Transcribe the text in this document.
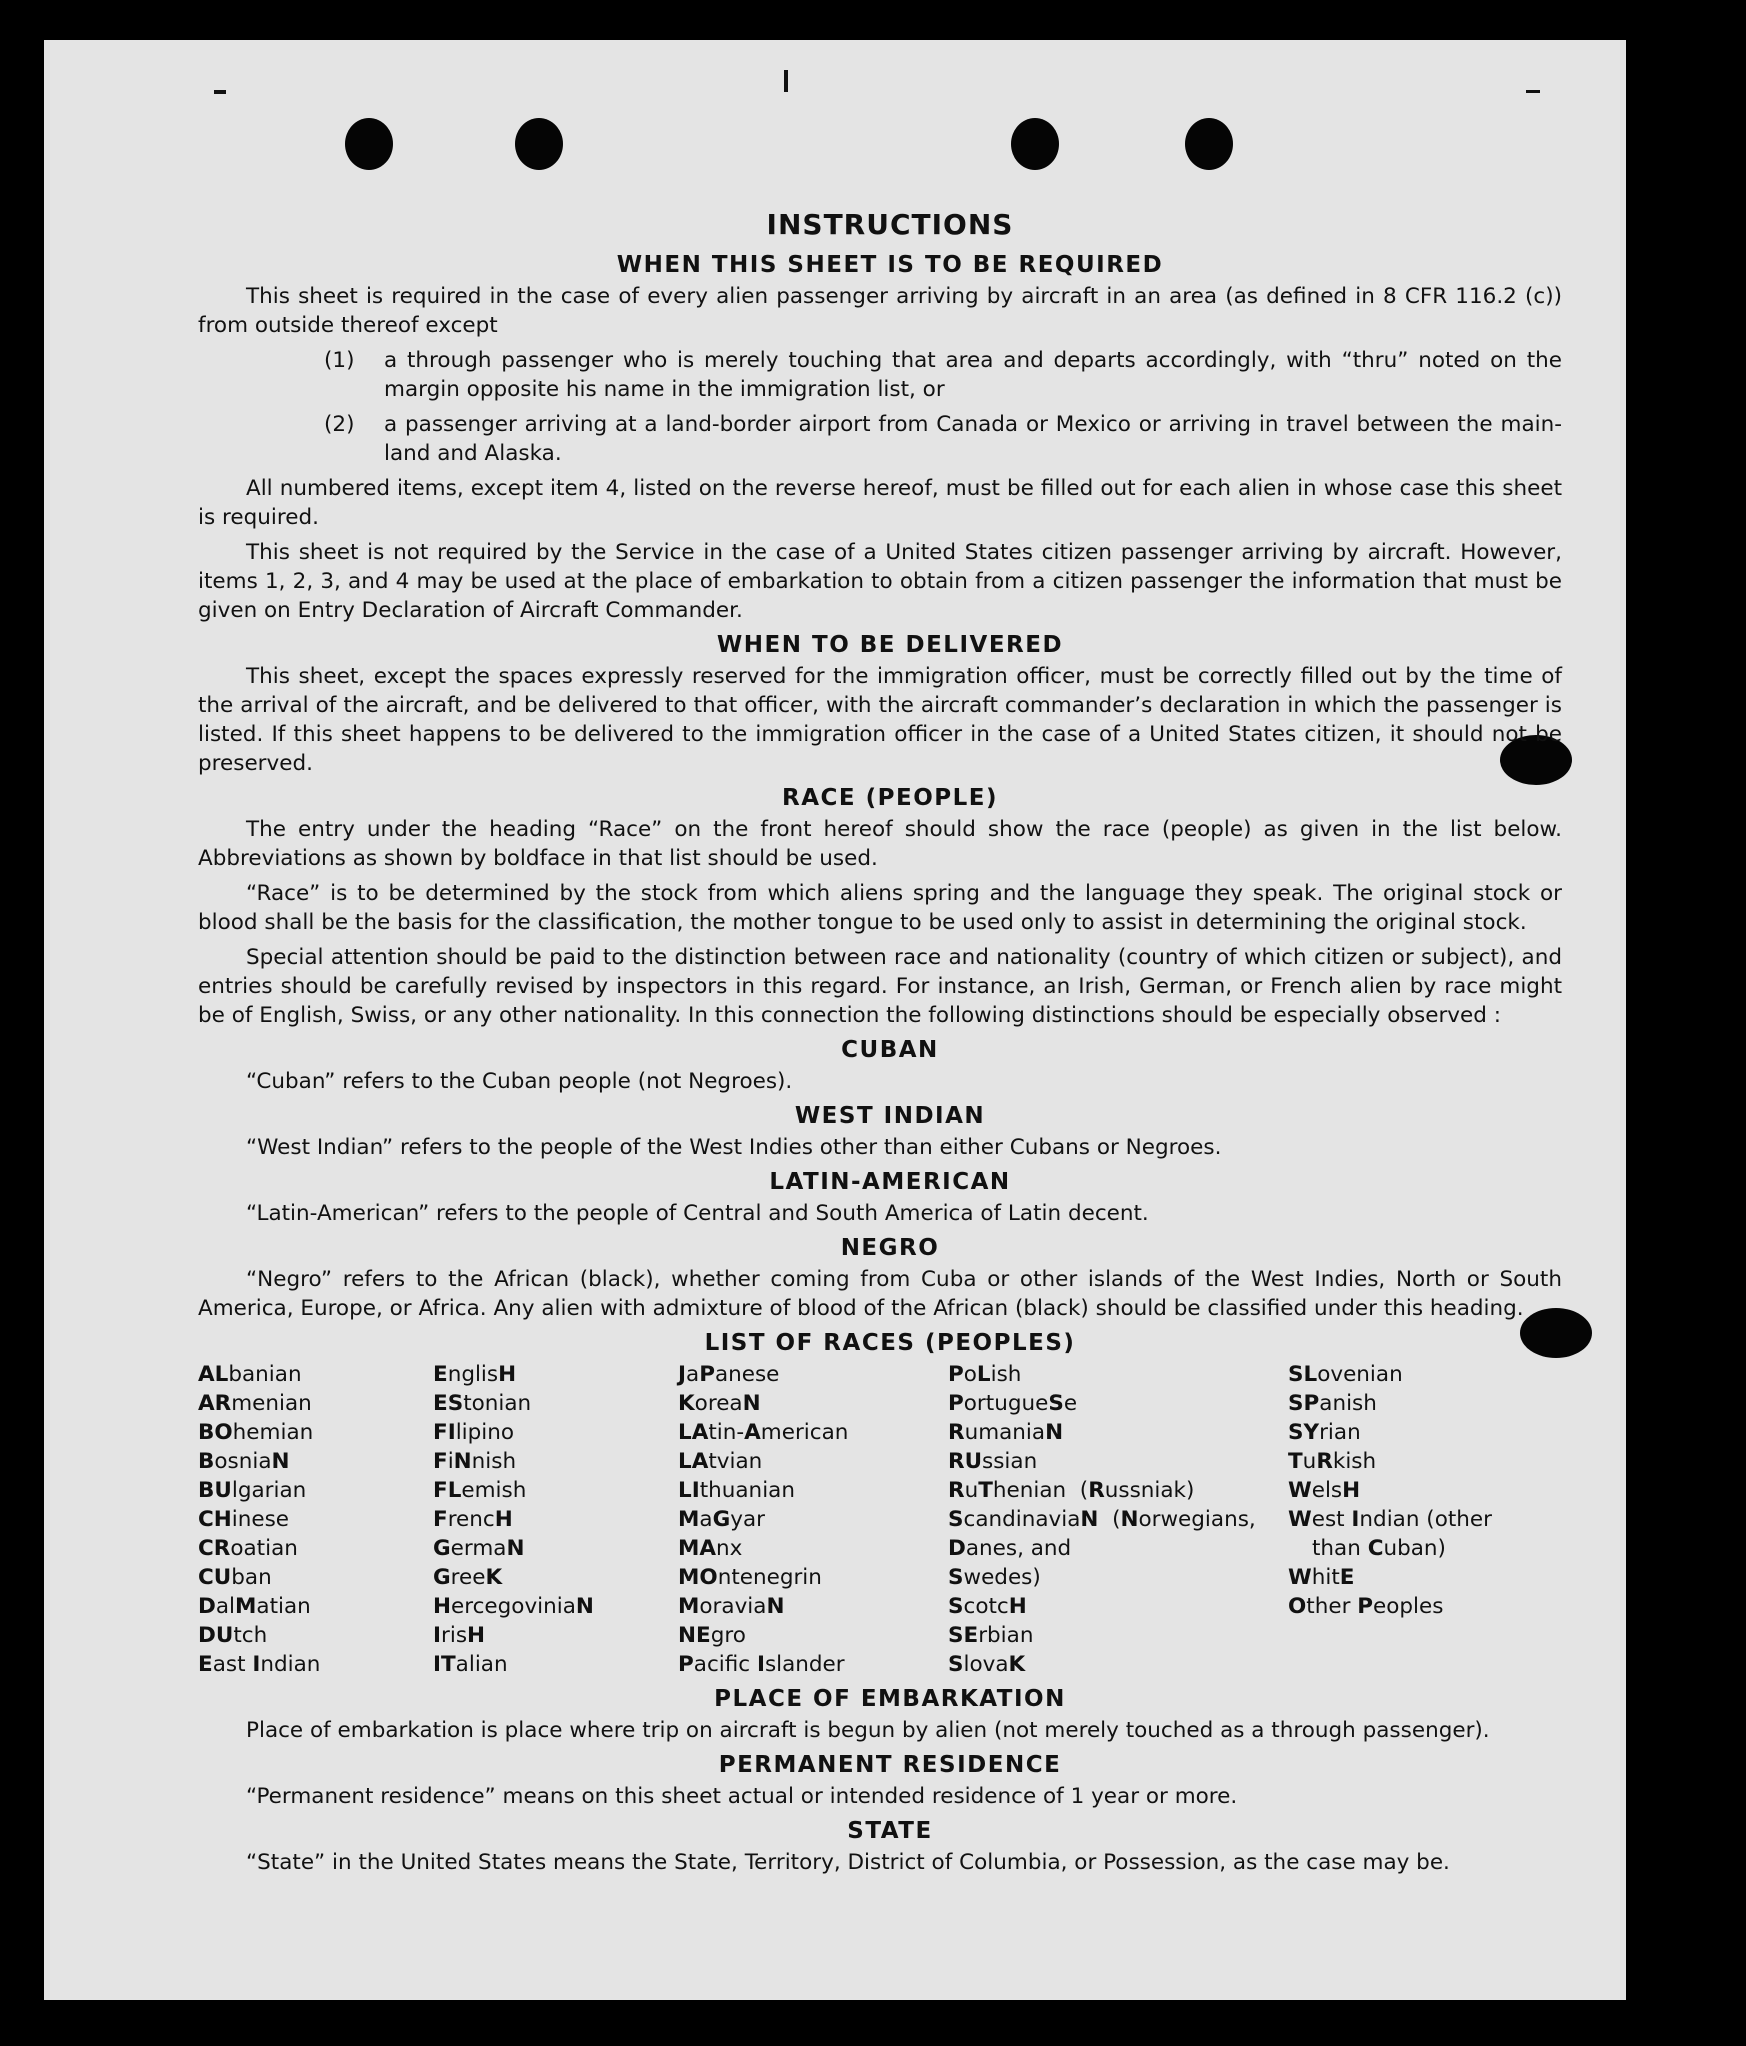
INSTRUCTIONS
WHEN THIS SHEET IS TO BE REQUIRED

This sheet is required in the case of every alien passenger arriving by aircraft in an area (as defined in 8 CFR 116.2 (c)) from outside thereof except

(1)	a through passenger who is merely touching that area and departs accordingly, with “thru” noted on the margin opposite his name in the immigration list, or
(2)	a passenger arriving at a land-border airport from Canada or Mexico or arriving in travel between the main-land and Alaska.

All numbered items, except item 4, listed on the reverse hereof, must be filled out for each alien in whose case this sheet is required.

This sheet is not required by the Service in the case of a United States citizen passenger arriving by aircraft. However, items 1, 2, 3, and 4 may be used at the place of embarkation to obtain from a citizen passenger the information that must be given on Entry Declaration of Aircraft Commander.

WHEN TO BE DELIVERED

This sheet, except the spaces expressly reserved for the immigration officer, must be correctly filled out by the time of the arrival of the aircraft, and be delivered to that officer, with the aircraft commander’s declaration in which the passenger is listed. If this sheet happens to be delivered to the immigration officer in the case of a United States citizen, it should not be preserved.

RACE (PEOPLE)

The entry under the heading “Race” on the front hereof should show the race (people) as given in the list below. Abbreviations as shown by boldface in that list should be used.

“Race” is to be determined by the stock from which aliens spring and the language they speak. The original stock or blood shall be the basis for the classification, the mother tongue to be used only to assist in determining the original stock.

Special attention should be paid to the distinction between race and nationality (country of which citizen or subject), and entries should be carefully revised by inspectors in this regard. For instance, an Irish, German, or French alien by race might be of English, Swiss, or any other nationality. In this connection the following distinctions should be especially observed :

CUBAN

“Cuban” refers to the Cuban people (not Negroes).

WEST INDIAN

“West Indian” refers to the people of the West Indies other than either Cubans or Negroes.

LATIN-AMERICAN

“Latin-American” refers to the people of Central and South America of Latin decent.

NEGRO

“Negro” refers to the African (black), whether coming from Cuba or other islands of the West Indies, North or South America, Europe, or Africa. Any alien with admixture of blood of the African (black) should be classified under this heading.

LIST OF RACES (PEOPLES)
ALbanian
ARmenian
BOhemian
BosniaN
BUlgarian
CHinese
CRoatian
CUban
DalMatian
DUtch
East Indian
EnglisH
EStonian
FIlipino
FiNnish
FLemish
FrencH
GermaN
GreeK
HercegoviniaN
IrisH
ITalian
JaPanese
KoreaN
LAtin-American
LAtvian
LIthuanian
MaGyar
MAnx
MOntenegrin
MoraviaN
NEgro
Pacific Islander
PoLish
PortugueSe
RumaniaN
RUssian
RuThenian  (Russniak)
ScandinaviaN  (Norwegians,
Danes, and
Swedes)
ScotcH
SErbian
SlovaK
SLovenian
SPanish
SYrian
TuRkish
WelsH
West Indian (other
than Cuban)
WhitE
Other Peoples
PLACE OF EMBARKATION

Place of embarkation is place where trip on aircraft is begun by alien (not merely touched as a through passenger).

PERMANENT RESIDENCE

“Permanent residence” means on this sheet actual or intended residence of 1 year or more.

STATE

“State” in the United States means the State, Territory, District of Columbia, or Possession, as the case may be.
